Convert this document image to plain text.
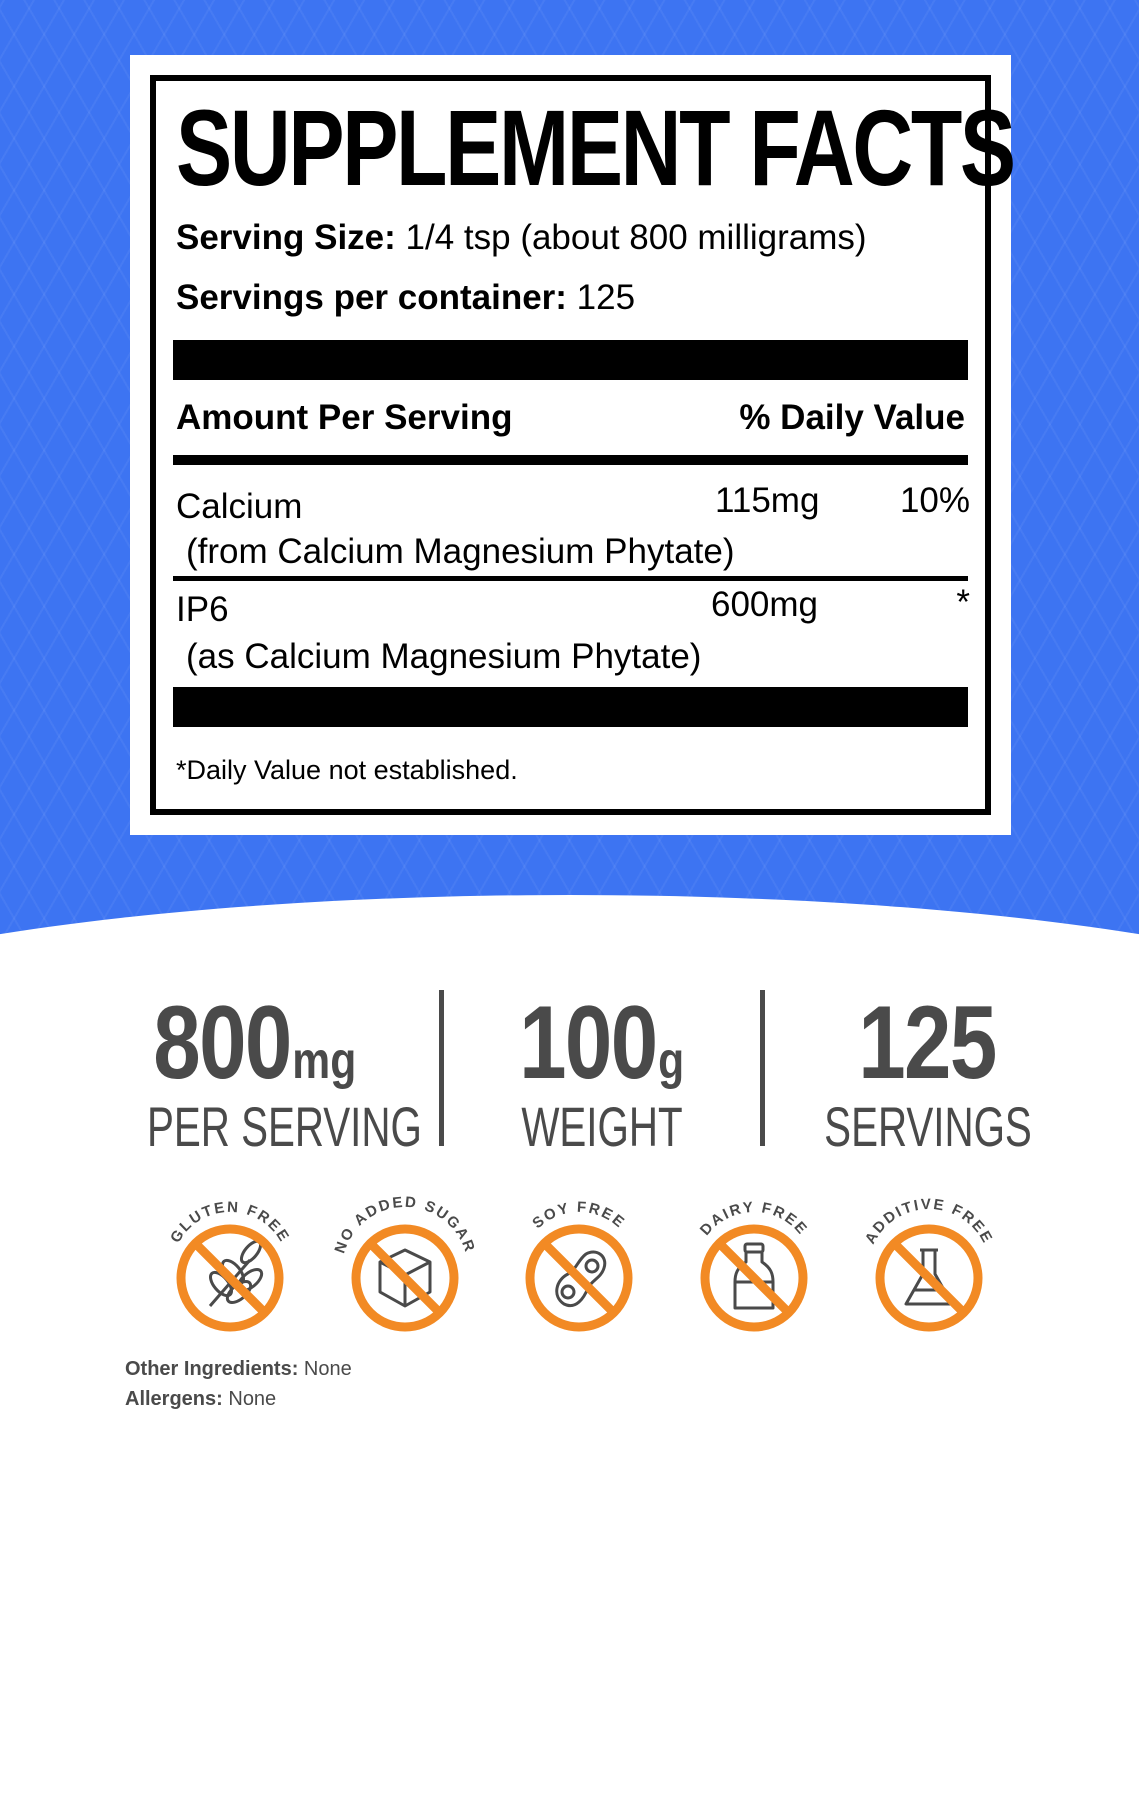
SUPPLEMENT FACTS
Serving Size: 1/4 tsp (about 800 milligrams)
Servings per container: 125
Amount Per Serving	% Daily Value
Calcium
(from Calcium Magnesium Phytate)
115mg 10%
IP6
(as Calcium Magnesium Phytate)
600mg	*
*Daily Value not established.
800mg
PER SERVING
100g
WEIGHT
125
SERVINGS
GLUTEN FREE
NO ADDED SUGAR
SOY FREE	DAIRY FREE	ADDITIVE FREE
Other Ingredients: None
Allergens: None
